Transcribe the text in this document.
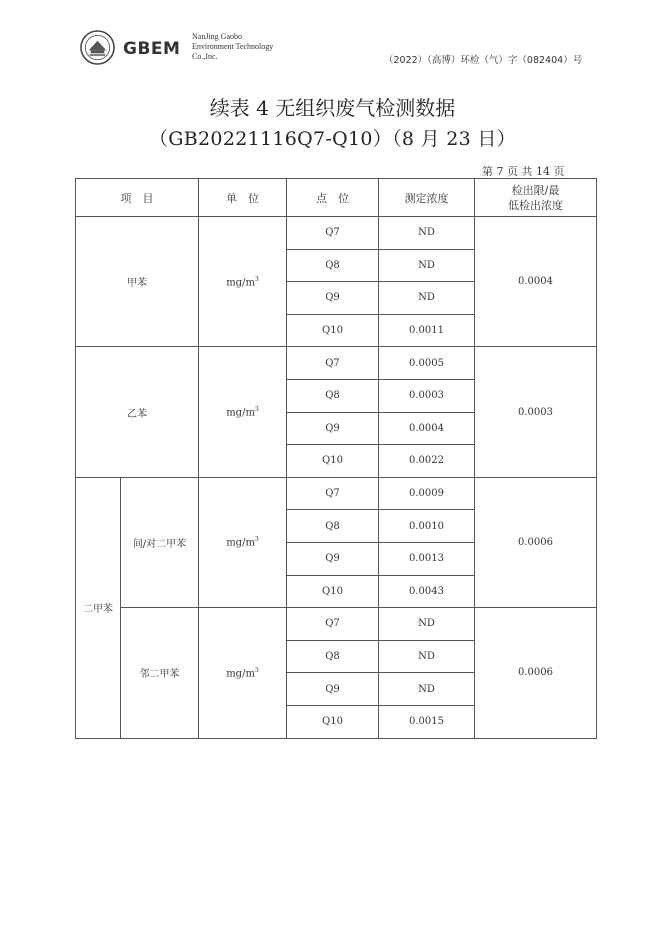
GBEM
NanJing Gaobo
Environment Technology
Co.,Inc.	（2022）（高博）环检（气）字（082404）号
续表 4 无组织废气检测数据
（GB20221116Q7-Q10）（8 月 23 日）
第 7 页 共 14 页
项　目		单　位	点　位	测定浓度	检出限/最
低检出浓度
甲苯		$mg/m^3$	Q7	ND	0.0004
			Q8	ND	
			Q9	ND	
			Q10	0.0011	
乙苯		$mg/m^3$	Q7	0.0005	0.0003
			Q8	0.0003	
			Q9	0.0004	
			Q10	0.0022	
二甲苯	间/对二甲苯	$mg/m^3$	Q7	0.0009	0.0006
			Q8	0.0010	
			Q9	0.0013	
			Q10	0.0043	
	邻二甲苯	$mg/m^3$	Q7	ND	0.0006
			Q8	ND	
			Q9	ND	
			Q10	0.0015	
